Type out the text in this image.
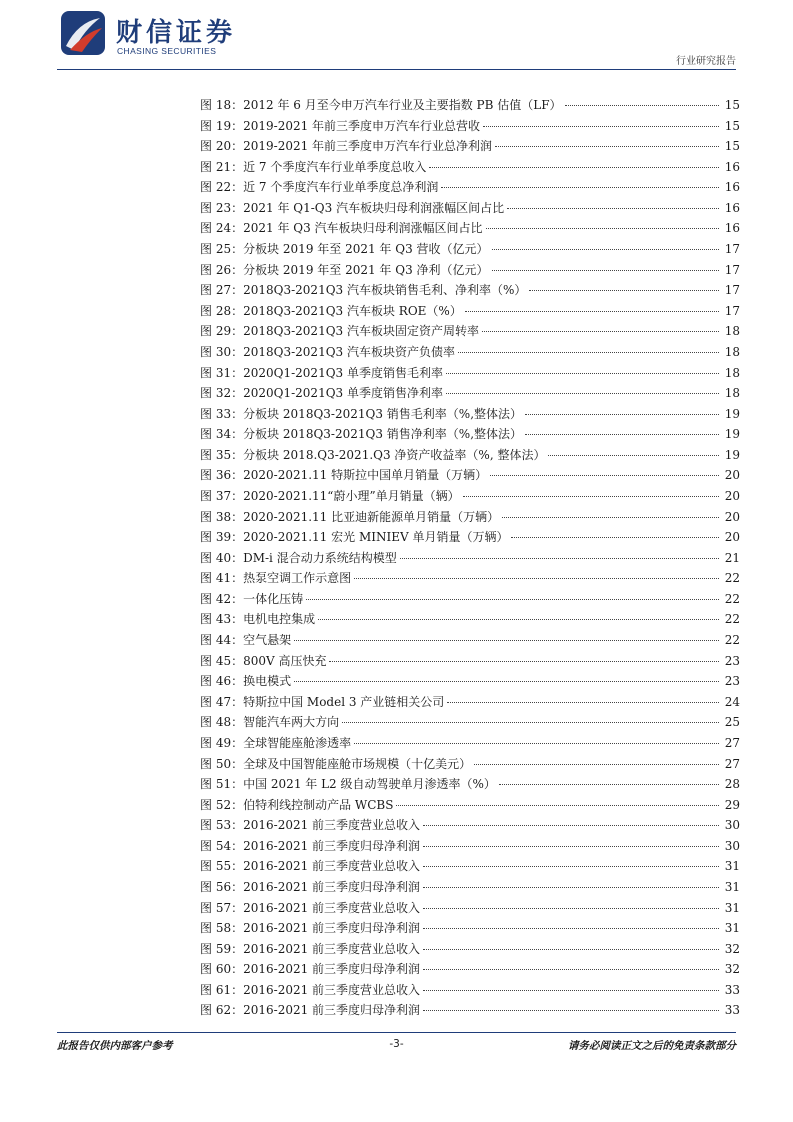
财信证券
CHASING SECURITIES
行业研究报告
图 18： 2012 年 6 月至今申万汽车行业及主要指数 PB 估值（LF）	15
图 19： 2019-2021 年前三季度申万汽车行业总营收	15
图 20： 2019-2021 年前三季度申万汽车行业总净利润	15
图 21： 近 7 个季度汽车行业单季度总收入	16
图 22： 近 7 个季度汽车行业单季度总净利润	16
图 23： 2021 年 Q1-Q3 汽车板块归母利润涨幅区间占比	16
图 24： 2021 年 Q3 汽车板块归母利润涨幅区间占比	16
图 25： 分板块 2019 年至 2021 年 Q3 营收（亿元）	17
图 26： 分板块 2019 年至 2021 年 Q3 净利（亿元）	17
图 27： 2018Q3-2021Q3 汽车板块销售毛利、净利率（%）	17
图 28： 2018Q3-2021Q3 汽车板块 ROE（%）	17
图 29： 2018Q3-2021Q3 汽车板块固定资产周转率	18
图 30： 2018Q3-2021Q3 汽车板块资产负债率	18
图 31： 2020Q1-2021Q3 单季度销售毛利率	18
图 32： 2020Q1-2021Q3 单季度销售净利率	18
图 33： 分板块 2018Q3-2021Q3 销售毛利率（%,整体法）	19
图 34： 分板块 2018Q3-2021Q3 销售净利率（%,整体法）	19
图 35： 分板块 2018.Q3-2021.Q3 净资产收益率（%, 整体法）	19
图 36： 2020-2021.11 特斯拉中国单月销量（万辆）	20
图 37： 2020-2021.11“蔚小理”单月销量（辆）	20
图 38： 2020-2021.11 比亚迪新能源单月销量（万辆）	20
图 39： 2020-2021.11 宏光 MINIEV 单月销量（万辆）	20
图 40： DM-i 混合动力系统结构模型	21
图 41： 热泵空调工作示意图	22
图 42： 一体化压铸	22
图 43： 电机电控集成	22
图 44： 空气悬架	22
图 45： 800V 高压快充	23
图 46： 换电模式	23
图 47： 特斯拉中国 Model 3 产业链相关公司	24
图 48： 智能汽车两大方向	25
图 49： 全球智能座舱渗透率	27
图 50： 全球及中国智能座舱市场规模（十亿美元）	27
图 51： 中国 2021 年 L2 级自动驾驶单月渗透率（%）	28
图 52： 伯特利线控制动产品 WCBS	29
图 53： 2016-2021 前三季度营业总收入	30
图 54： 2016-2021 前三季度归母净利润	30
图 55： 2016-2021 前三季度营业总收入	31
图 56： 2016-2021 前三季度归母净利润	31
图 57： 2016-2021 前三季度营业总收入	31
图 58： 2016-2021 前三季度归母净利润	31
图 59： 2016-2021 前三季度营业总收入	32
图 60： 2016-2021 前三季度归母净利润	32
图 61： 2016-2021 前三季度营业总收入	33
图 62： 2016-2021 前三季度归母净利润	33
此报告仅供内部客户参考	-3-	请务必阅读正文之后的免责条款部分
